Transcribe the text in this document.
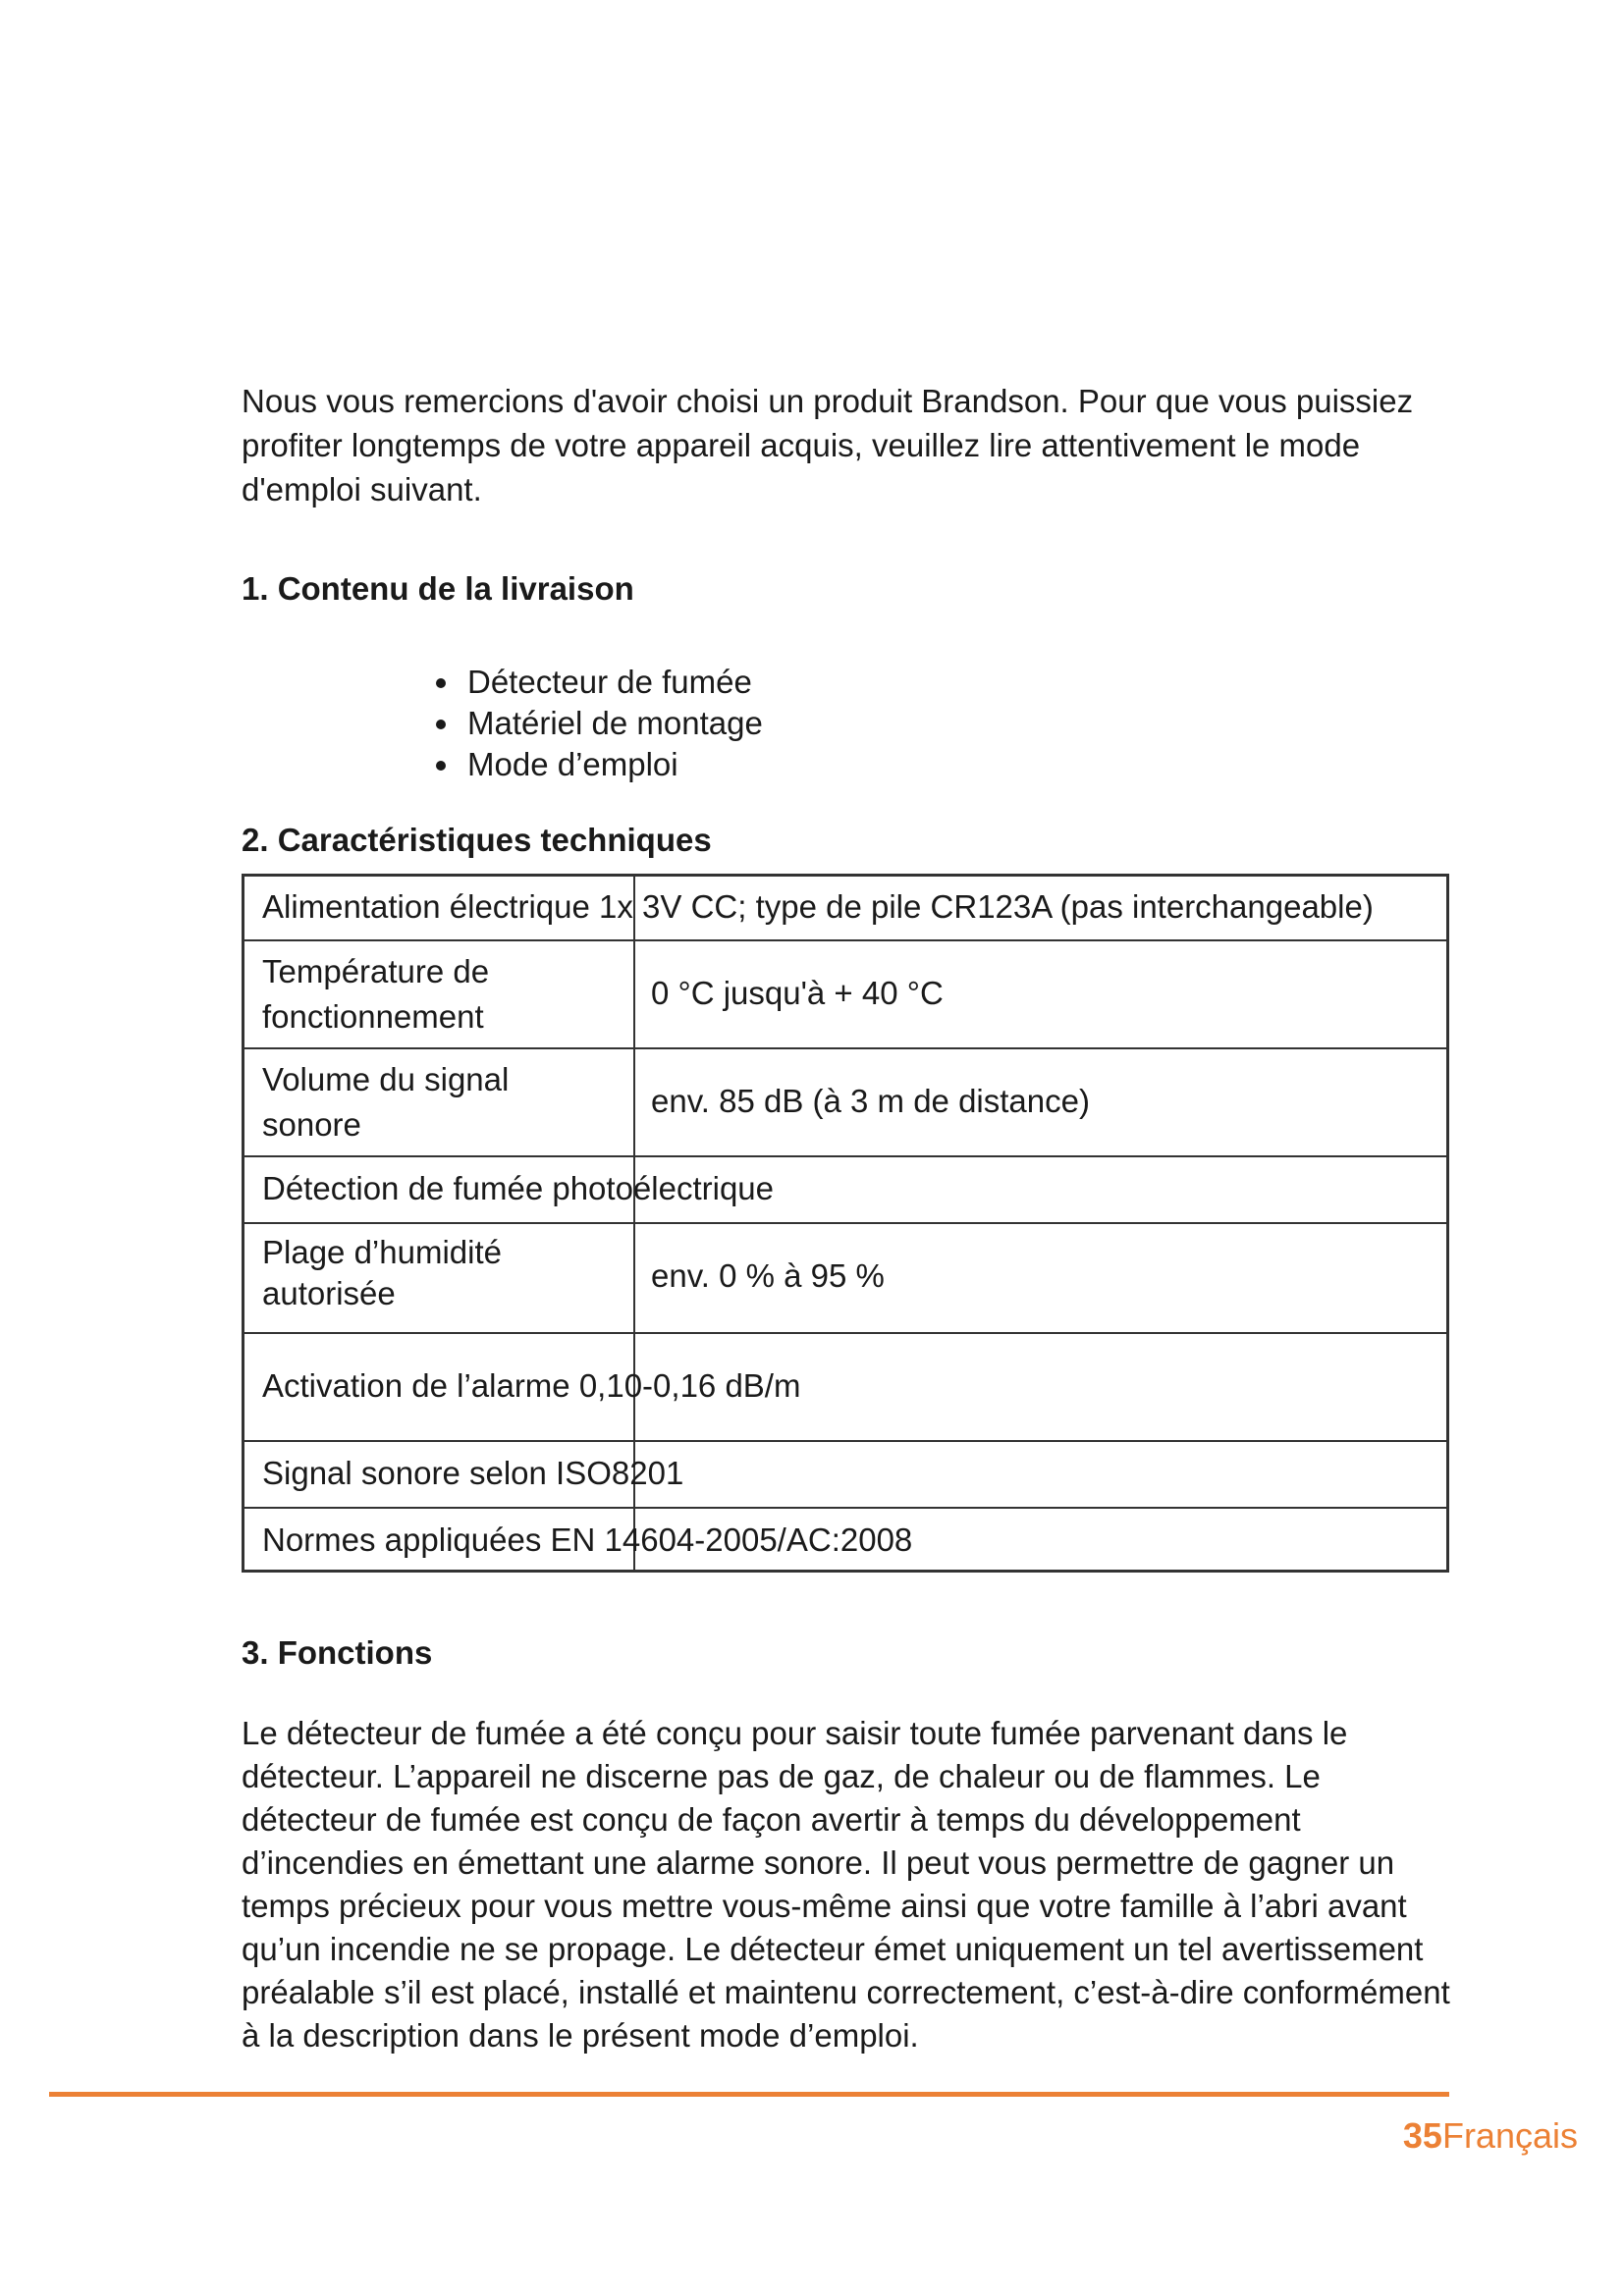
Nous vous remercions d'avoir choisi un produit Brandson. Pour que vous puissiez profiter longtemps de votre appareil acquis, veuillez lire attentivement le mode d'emploi suivant.

1. Contenu de la livraison
Détecteur de fumée
Matériel de montage
Mode d’emploi
2. Caractéristiques techniques
Alimentation électrique 1x 3V CC; type de pile CR123A (pas interchangeable)
Température de fonctionnement
0 °C jusqu'à + 40 °C
Volume du signal sonore
env. 85 dB (à 3 m de distance)
Détection de fumée photoélectrique
Plage d’humidité autorisée	env. 0 % à 95 %
Activation de l’alarme 0,10-0,16 dB/m
Signal sonore selon ISO8201
Normes appliquées EN 14604-2005/AC:2008
3. Fonctions

Le détecteur de fumée a été conçu pour saisir toute fumée parvenant dans le détecteur. L’appareil ne discerne pas de gaz, de chaleur ou de flammes. Le détecteur de fumée est conçu de façon avertir à temps du développement d’incendies en émettant une alarme sonore. Il peut vous permettre de gagner un temps précieux pour vous mettre vous-même ainsi que votre famille à l’abri avant qu’un incendie ne se propage. Le détecteur émet uniquement un tel avertissement préalable s’il est placé, installé et maintenu correctement, c’est-à-dire conformément à la description dans le présent mode d’emploi.

35Français
